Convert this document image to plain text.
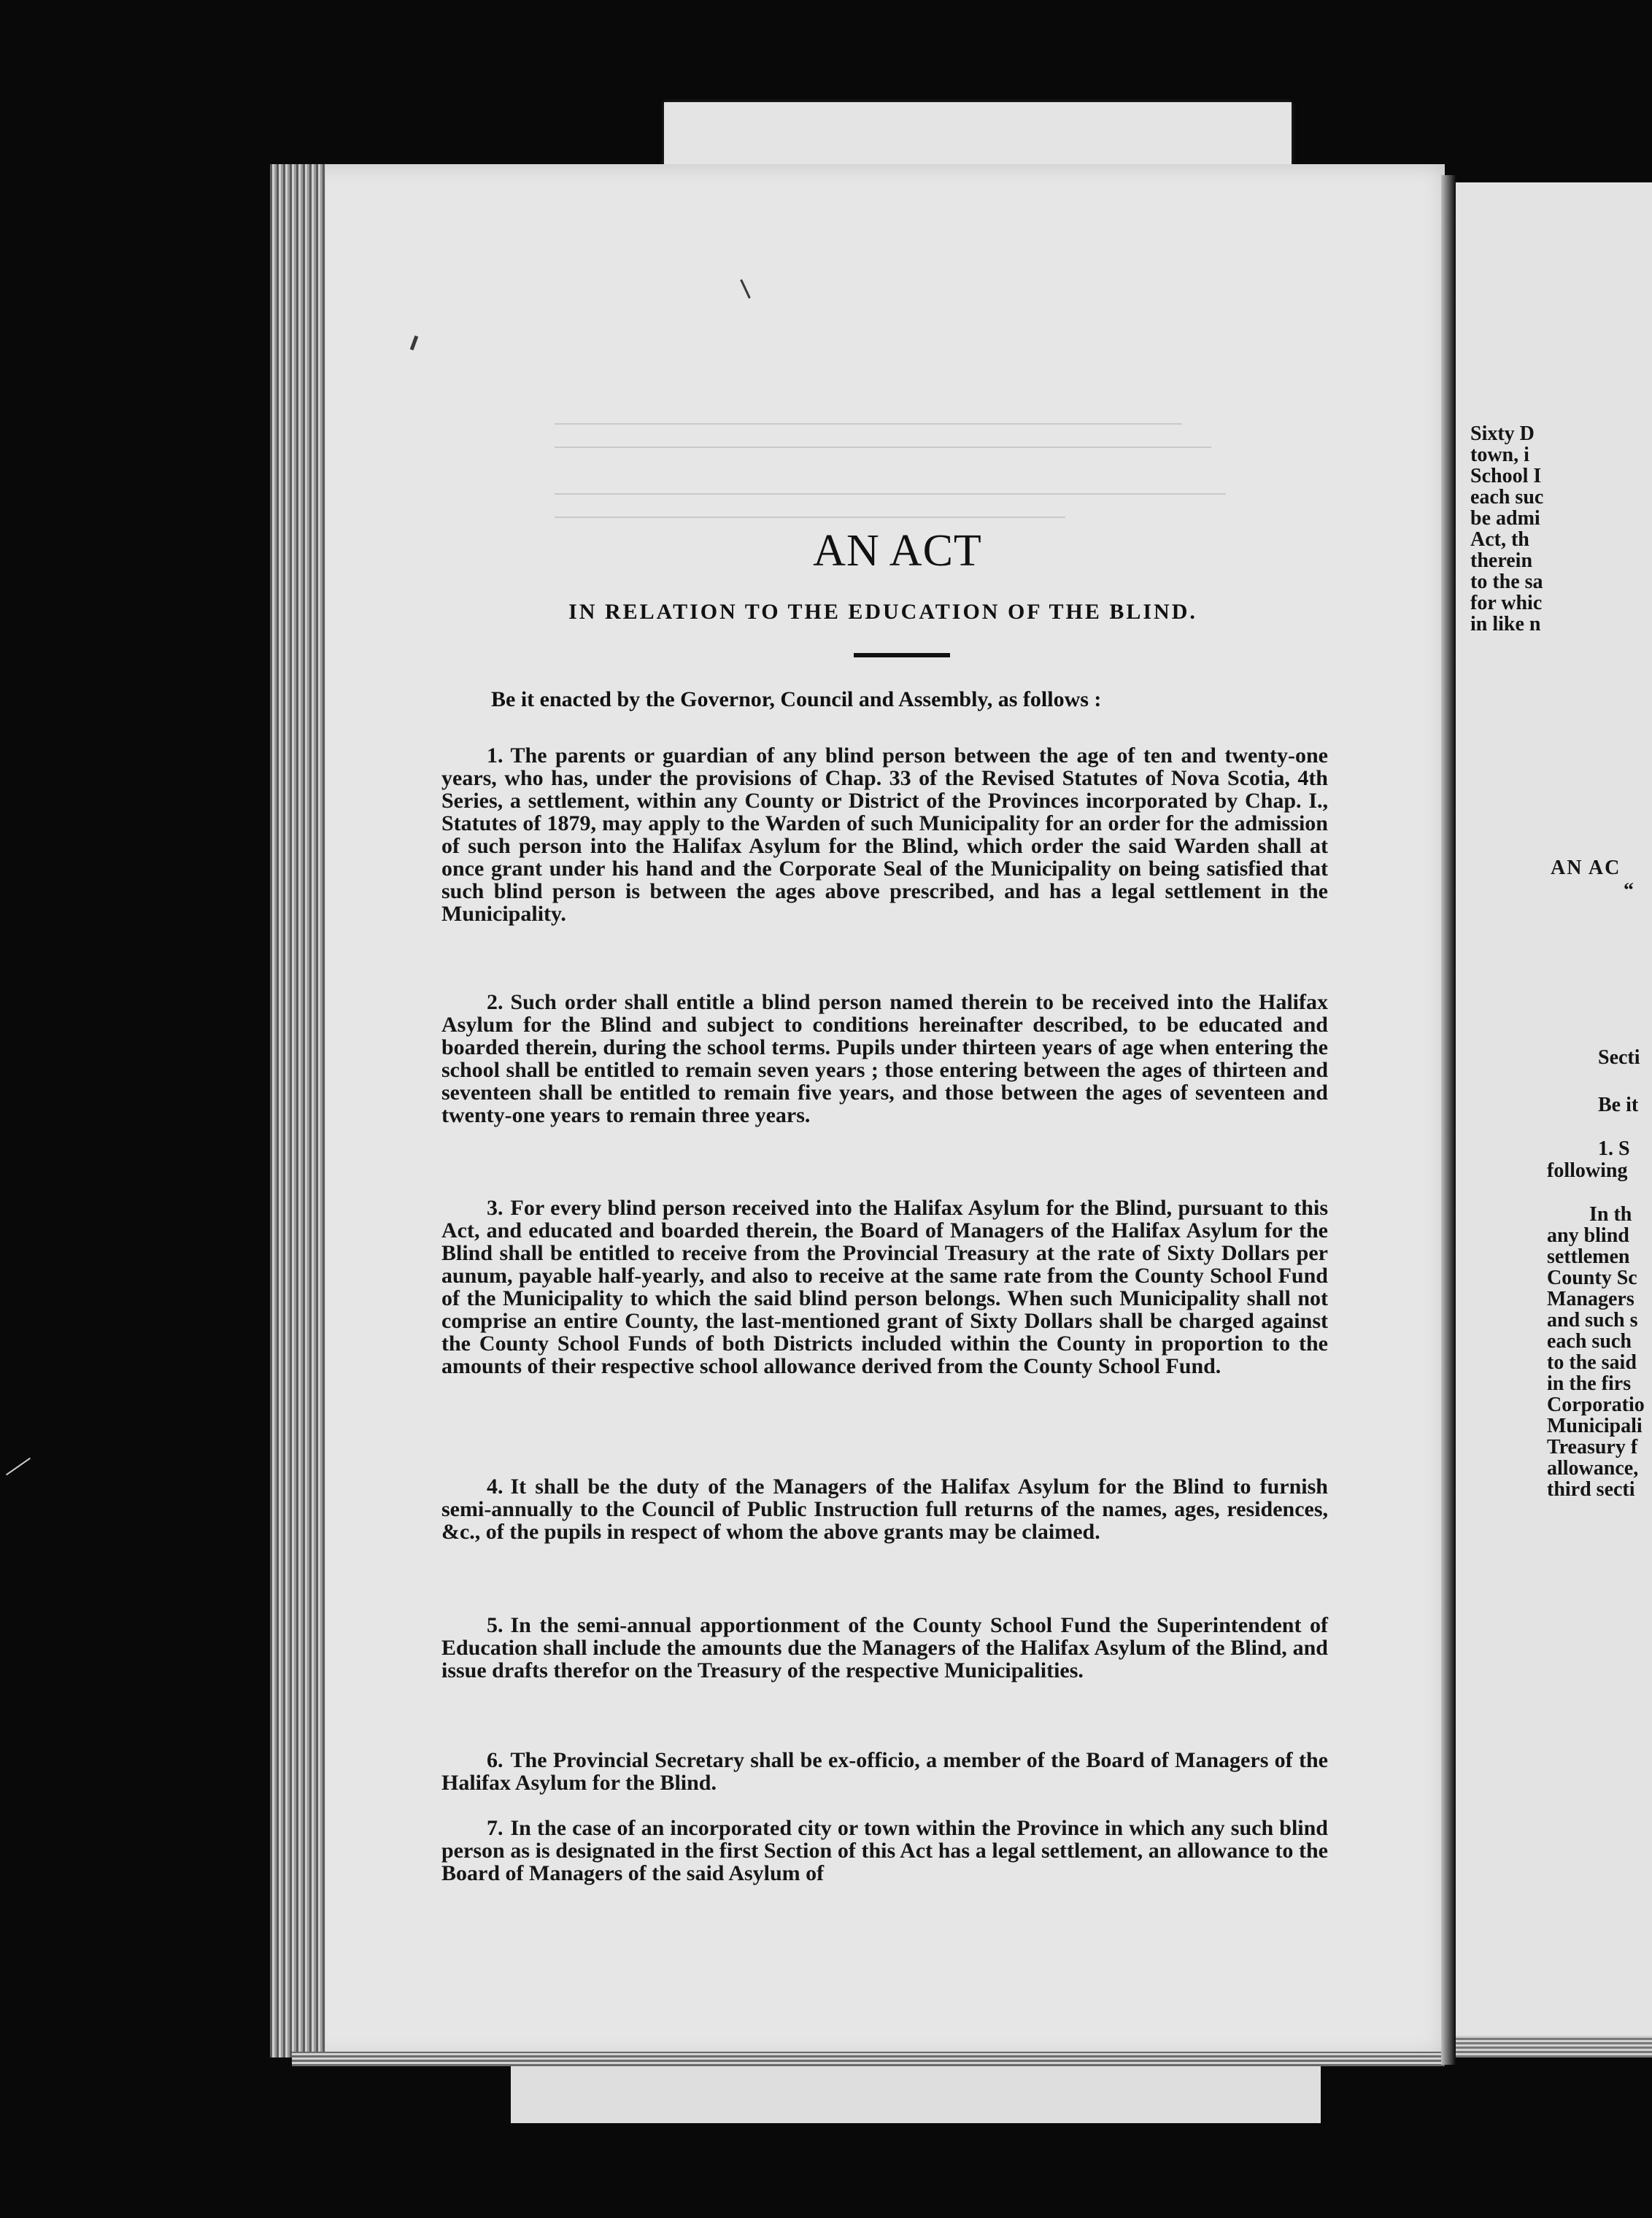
AN ACT
IN RELATION TO THE EDUCATION OF THE BLIND.
Be it enacted by the Governor, Council and Assembly, as follows :

1. The parents or guardian of any blind person between the age of ten and twenty-one years, who has, under the provisions of Chap. 33 of the Revised Statutes of Nova Scotia, 4th Series, a settlement, within any County or District of the Provinces incorporated by Chap. I., Statutes of 1879, may apply to the Warden of such Municipality for an order for the admission of such person into the Halifax Asylum for the Blind, which order the said Warden shall at once grant under his hand and the Corporate Seal of the Municipality on being satisfied that such blind person is between the ages above prescribed, and has a legal settlement in the Municipality.

2. Such order shall entitle a blind person named therein to be received into the Halifax Asylum for the Blind and subject to conditions hereinafter described, to be educated and boarded therein, during the school terms. Pupils under thirteen years of age when entering the school shall be entitled to remain seven years ; those entering between the ages of thirteen and seventeen shall be entitled to remain five years, and those between the ages of seventeen and twenty-one years to remain three years.

3. For every blind person received into the Halifax Asylum for the Blind, pursuant to this Act, and educated and boarded therein, the Board of Managers of the Halifax Asylum for the Blind shall be entitled to receive from the Provincial Treasury at the rate of Sixty Dollars per aunum, payable half-yearly, and also to receive at the same rate from the County School Fund of the Municipality to which the said blind person belongs. When such Municipality shall not comprise an entire County, the last-mentioned grant of Sixty Dollars shall be charged against the County School Funds of both Districts included within the County in proportion to the amounts of their respective school allowance derived from the County School Fund.

4. It shall be the duty of the Managers of the Halifax Asylum for the Blind to furnish semi-annually to the Council of Public Instruction full returns of the names, ages, residences, &c., of the pupils in respect of whom the above grants may be claimed.

5. In the semi-annual apportionment of the County School Fund the Superintendent of Education shall include the amounts due the Managers of the Halifax Asylum of the Blind, and issue drafts therefor on the Treasury of the respective Municipalities.

6. The Provincial Secretary shall be ex-officio, a member of the Board of Managers of the Halifax Asylum for the Blind.

7. In the case of an incorporated city or town within the Province in which any such blind person as is designated in the first Section of this Act has a legal settlement, an allowance to the Board of Managers of the said Asylum of

Sixty D
town, i
School I
each suc
be admi
Act, th
therein
to the sa
for whic
in like n
AN AC
“
Secti
Be it
1. S
following
In th
any blind
settlemen
County Sc
Managers
and such s
each such
to the said
in the firs
Corporatio
Municipali
Treasury f
allowance,
third secti
